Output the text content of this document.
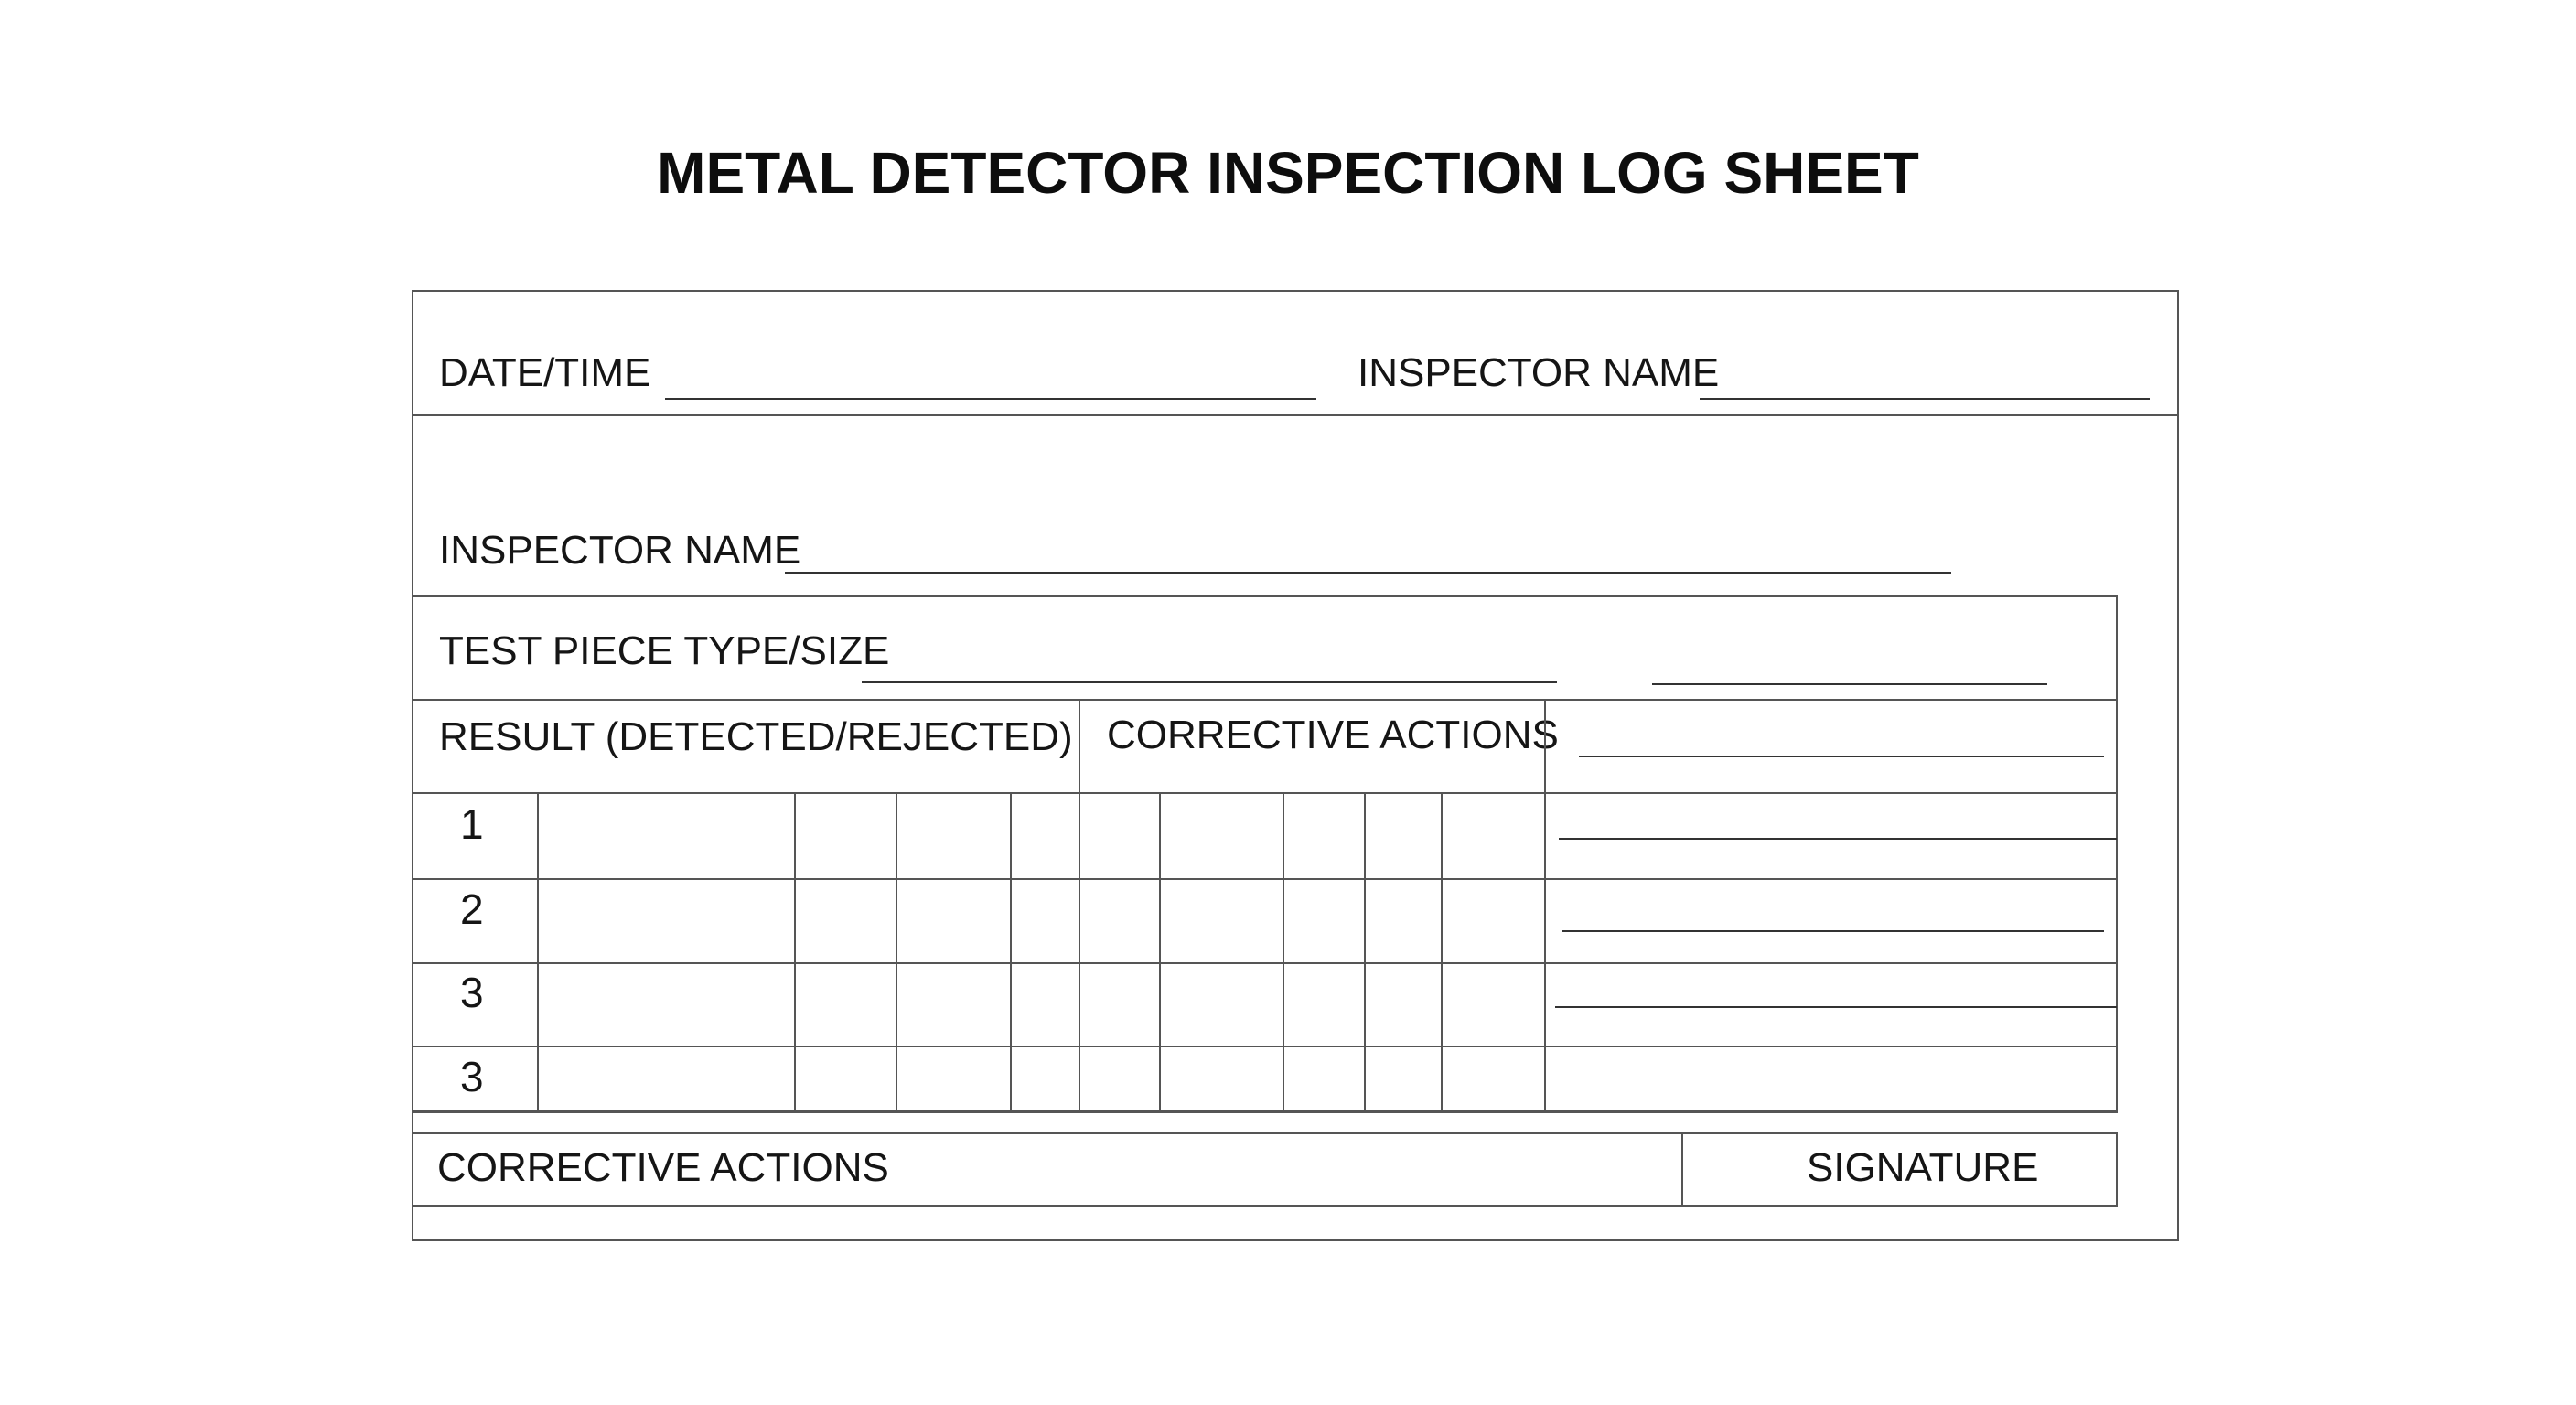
METAL DETECTOR INSPECTION LOG SHEET
DATE/TIME	INSPECTOR NAME
INSPECTOR NAME
TEST PIECE TYPE/SIZE
RESULT (DETECTED/REJECTED) CORRECTIVE ACTIONS
1
2
3
3
CORRECTIVE ACTIONS	SIGNATURE
